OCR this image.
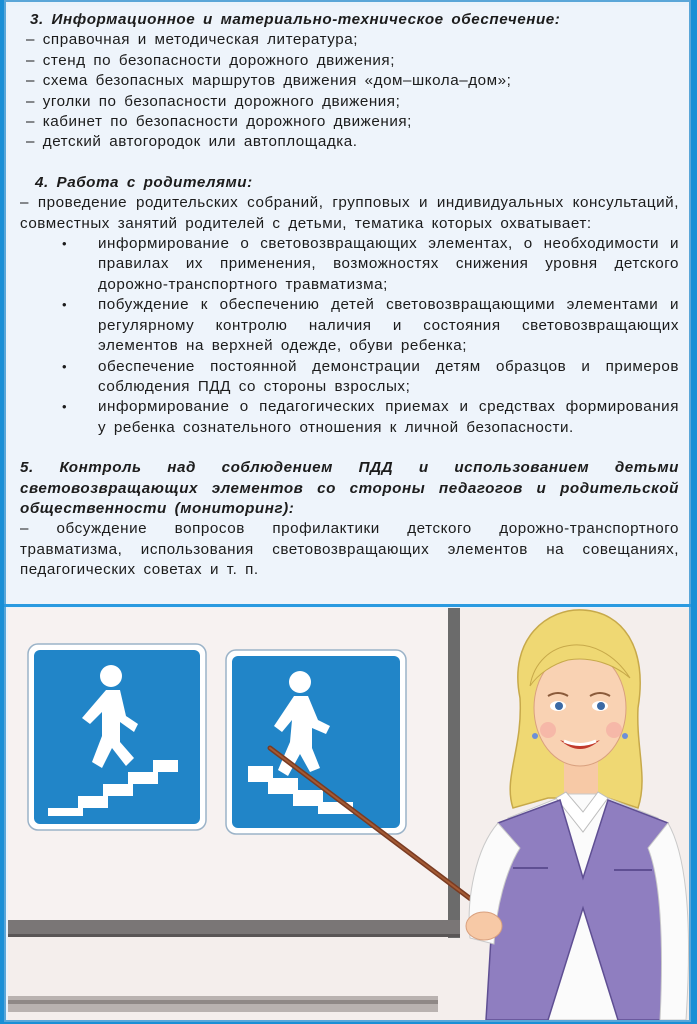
3. Информационное и материально-техническое обеспечение:
– справочная и методическая литература;
– стенд по безопасности дорожного движения;
– схема безопасных маршрутов движения «дом–школа–дом»;
– уголки по безопасности дорожного движения;
– кабинет по безопасности дорожного движения;
– детский автогородок или автоплощадка.
4. Работа с родителями:
– проведение родительских собраний, групповых и индивидуальных консультаций, совместных занятий родителей с детьми, тематика которых охватывает:
• информирование о световозвращающих элементах, о необходимости и правилах их применения, возможностях снижения уровня детского дорожно-транспортного травматизма;
• побуждение к обеспечению детей световозвращающими элементами и регулярному контролю наличия и состояния световозвращающих элементов на верхней одежде, обуви ребенка;
• обеспечение постоянной демонстрации детям образцов и примеров соблюдения ПДД со стороны взрослых;
• информирование о педагогических приемах и средствах формирования у ребенка сознательного отношения к личной безопасности.
5. Контроль над соблюдением ПДД и использованием детьми световозвращающих элементов со стороны педагогов и родительской общественности (мониторинг):
– обсуждение вопросов профилактики детского дорожно-транспортного травматизма, использования световозвращающих элементов на совещаниях, педагогических советах и т. п.
